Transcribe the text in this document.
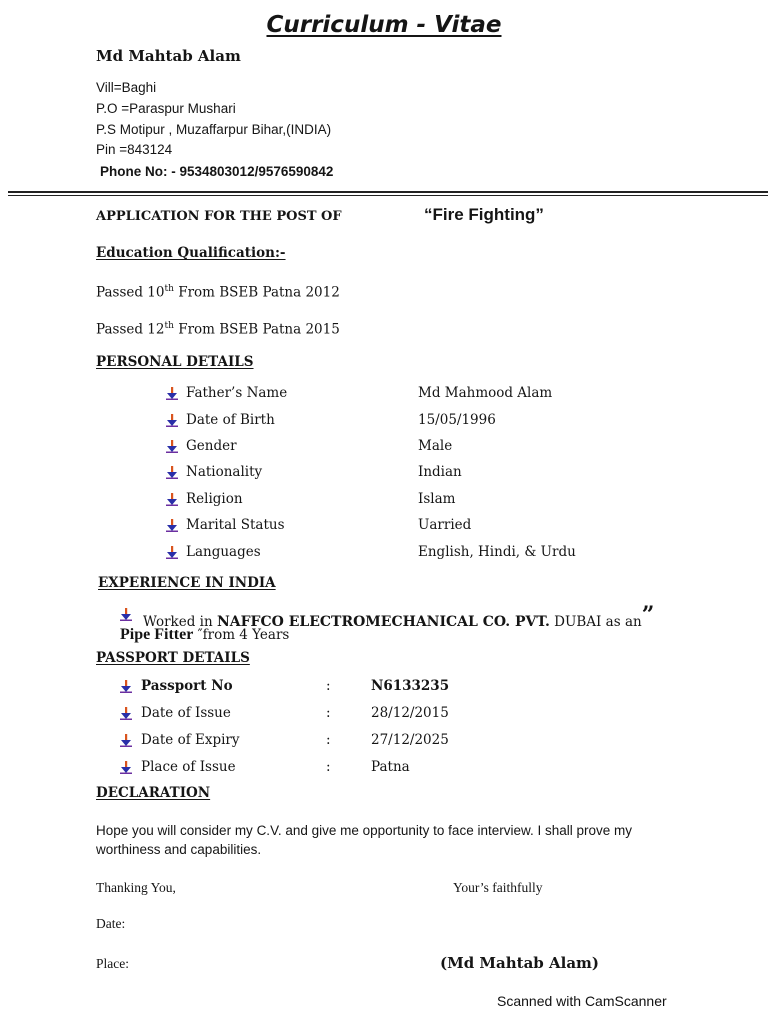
Curriculum - Vitae
Md Mahtab Alam
Vill=Baghi
P.O =Paraspur Mushari
P.S Motipur , Muzaffarpur Bihar,(INDIA)
Pin =843124
Phone No: - 9534803012/9576590842
APPLICATION FOR THE POST OF	“Fire Fighting”
Education Qualification:-
Passed 10th From BSEB Patna 2012
Passed 12th From BSEB Patna 2015
PERSONAL DETAILS
Father’s Name	Md Mahmood Alam
Date of Birth	15/05/1996
Gender	Male
Nationality	Indian
Religion	Islam
Marital Status	Uarried
Languages	English, Hindi, & Urdu
EXPERIENCE IN INDIA
Worked in NAFFCO ELECTROMECHANICAL CO. PVT. DUBAI as an”
Pipe Fitter ″from 4 Years
PASSPORT DETAILS
Passport No	:	N6133235
Date of Issue	:	28/12/2015
Date of Expiry	:	27/12/2025
Place of Issue	:	Patna
DECLARATION
Hope you will consider my C.V. and give me opportunity to face interview. I shall prove my worthiness and capabilities.
Thanking You,	Your’s faithfully
Date:
Place:	(Md Mahtab Alam)
Scanned with CamScanner
